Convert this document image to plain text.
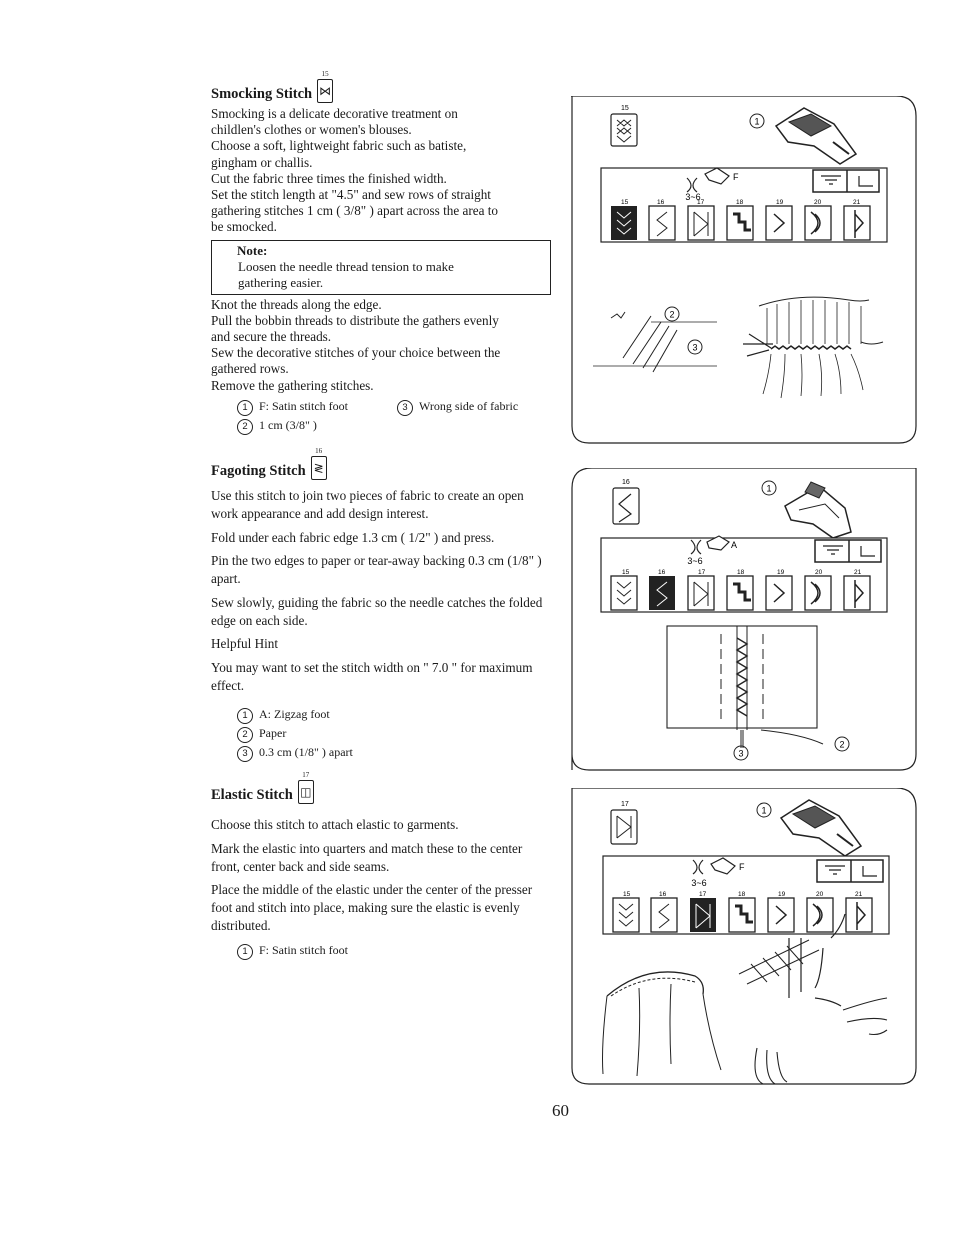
Smocking Stitch
15
⋈

Smocking is a delicate decorative treatment on

childlen's clothes or women's blouses.

Choose a soft, lightweight fabric such as batiste,

gingham or challis.

Cut the fabric three times the finished width.

Set the stitch length at "4.5" and sew rows of straight

gathering stitches 1 cm ( 3/8" ) apart across the area to

be smocked.

Note:
Loosen the needle thread tension to make
gathering easier.

Knot the threads along the edge.

Pull the bobbin threads to distribute the gathers evenly

and secure the threads.

Sew the decorative stitches of your choice between the

gathered rows.

Remove the gathering stitches.

1 F: Satin stitch foot	3 Wrong side of fabric
2 1 cm (3/8" )
Fagoting Stitch
16
≷

Use this stitch to join two pieces of fabric to create an open work appearance and add design interest.

Fold under each fabric edge 1.3 cm ( 1/2" ) and press.

Pin the two edges to paper or tear-away backing 0.3 cm (1/8" ) apart.

Sew slowly, guiding the fabric so the needle catches the folded edge on each side.

Helpful Hint

You may want to set the stitch width on " 7.0 " for maximum effect.

1 A: Zigzag foot
2 Paper
3 0.3 cm (1/8" ) apart
Elastic Stitch
17
◫

Choose this stitch to attach elastic to garments.

Mark the elastic into quarters and match these to the center front, center back and side seams.

Place the middle of the elastic under the center of the presser foot and stitch into place, making sure the elastic is evenly distributed.

1 F: Satin stitch foot
60
15
1
3~6
F
15	16	17	18	19	20	21
2
3
16
1
3~6
A
15	16	17	18	19	20	21
3
2
17
1
3~6
F
15	16	17	18	19	20	21
